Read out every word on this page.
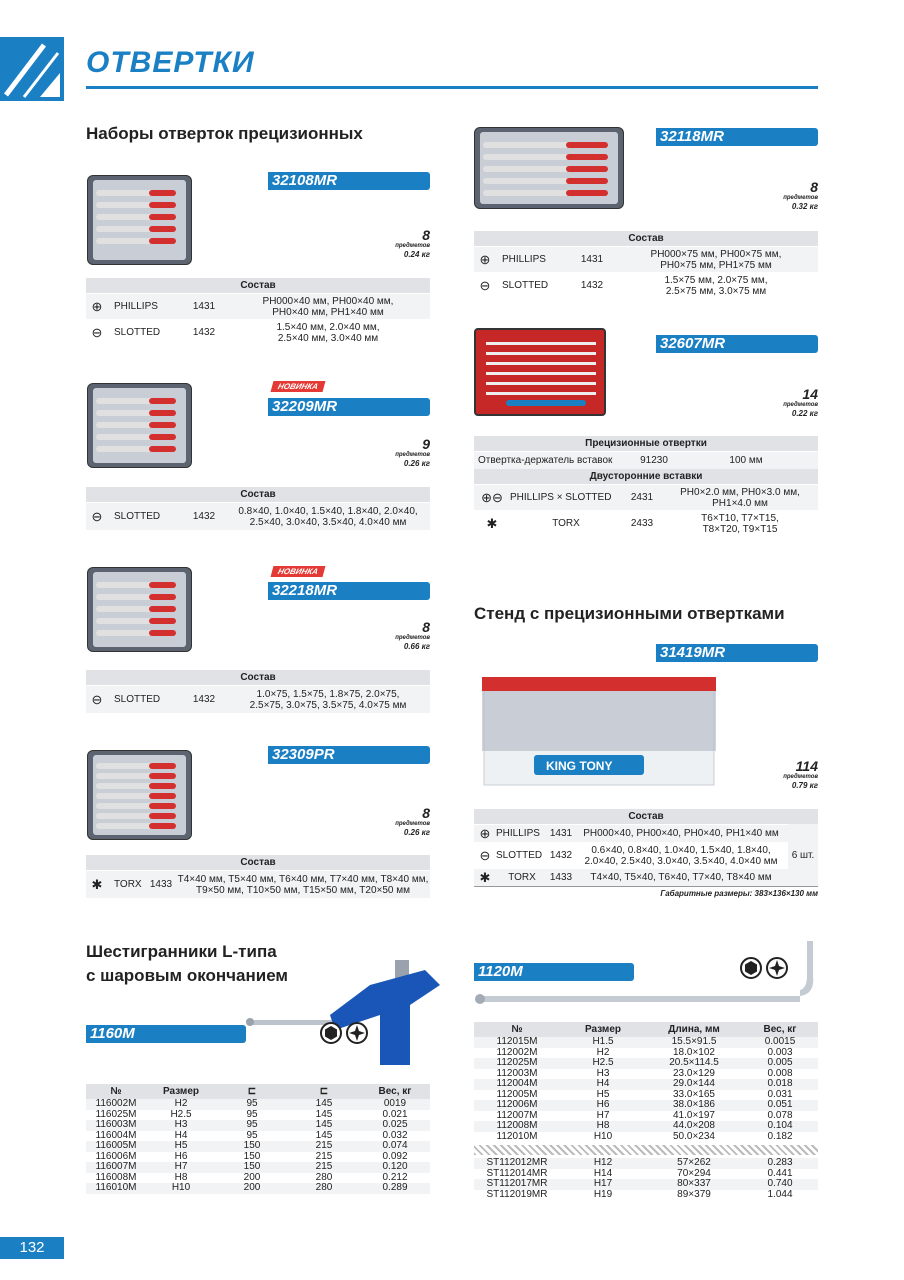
ОТВЕРТКИ
Наборы отверток прецизионных
32108MR
8
предметов
0.24 кг
Состав
⊕	PHILLIPS	1431	PH000×40 мм, PH00×40 мм,
PH0×40 мм, PH1×40 мм
⊖	SLOTTED	1432	1.5×40 мм, 2.0×40 мм,
2.5×40 мм, 3.0×40 мм
НОВИНКА
32209MR
9
предметов
0.26 кг
Состав
⊖	SLOTTED	1432	0.8×40, 1.0×40, 1.5×40, 1.8×40, 2.0×40,
2.5×40, 3.0×40, 3.5×40, 4.0×40 мм
НОВИНКА
32218MR
8
предметов
0.66 кг
Состав
⊖	SLOTTED	1432	1.0×75, 1.5×75, 1.8×75, 2.0×75,
2.5×75, 3.0×75, 3.5×75, 4.0×75 мм
32309PR
8
предметов
0.26 кг
Состав
✱	TORX 1433 T4×40 мм, T5×40 мм, T6×40 мм, T7×40 мм, T8×40 мм,
T9×50 мм, T10×50 мм, T15×50 мм, T20×50 мм
Шестигранники L-типа
с шаровым окончанием
1160M
№	Размер	⊏	⊏	Вес, кг
116002M	H2	95	145	0019
116025M	H2.5	95	145	0.021
116003M	H3	95	145	0.025
116004M	H4	95	145	0.032
116005M	H5	150	215	0.074
116006M	H6	150	215	0.092
116007M	H7	150	215	0.120
116008M	H8	200	280	0.212
116010M	H10	200	280	0.289
32118MR
8
предметов
0.32 кг
Состав
⊕	PHILLIPS	1431	PH000×75 мм, PH00×75 мм,
PH0×75 мм, PH1×75 мм
⊖	SLOTTED	1432	1.5×75 мм, 2.0×75 мм,
2.5×75 мм, 3.0×75 мм
32607MR
14
предметов
0.22 кг
Прецизионные отвертки
Отвертка-держатель вставок	91230	100 мм
Двусторонние вставки
⊕⊖ PHILLIPS × SLOTTED	2431	PH0×2.0 мм, PH0×3.0 мм,
PH1×4.0 мм
✱	TORX	2433	T6×T10, T7×T15,
T8×T20, T9×T15
Стенд с прецизионными отвертками
31419MR
KING TONY	114
предметов
0.79 кг
Состав
⊕ PHILLIPS 1431	PH000×40, PH00×40, PH0×40, PH1×40 мм
⊖ SLOTTED 1432	0.6×40, 0.8×40, 1.0×40, 1.5×40, 1.8×40,
2.0×40, 2.5×40, 3.0×40, 3.5×40, 4.0×40 мм
✱	TORX	1433	T4×40, T5×40, T6×40, T7×40, T8×40 мм
6 шт.
Габаритные размеры: 383×136×130 мм
1120M
№	Размер	Длина, мм	Вес, кг
112015M	H1.5	15.5×91.5	0.0015
112002M	H2	18.0×102	0.003
112025M	H2.5	20.5×114.5	0.005
112003M	H3	23.0×129	0.008
112004M	H4	29.0×144	0.018
112005M	H5	33.0×165	0.031
112006M	H6	38.0×186	0.051
112007M	H7	41.0×197	0.078
112008M	H8	44.0×208	0.104
112010M	H10	50.0×234	0.182
ST112012MR	H12	57×262	0.283
ST112014MR	H14	70×294	0.441
ST112017MR	H17	80×337	0.740
ST112019MR	H19	89×379	1.044
132
